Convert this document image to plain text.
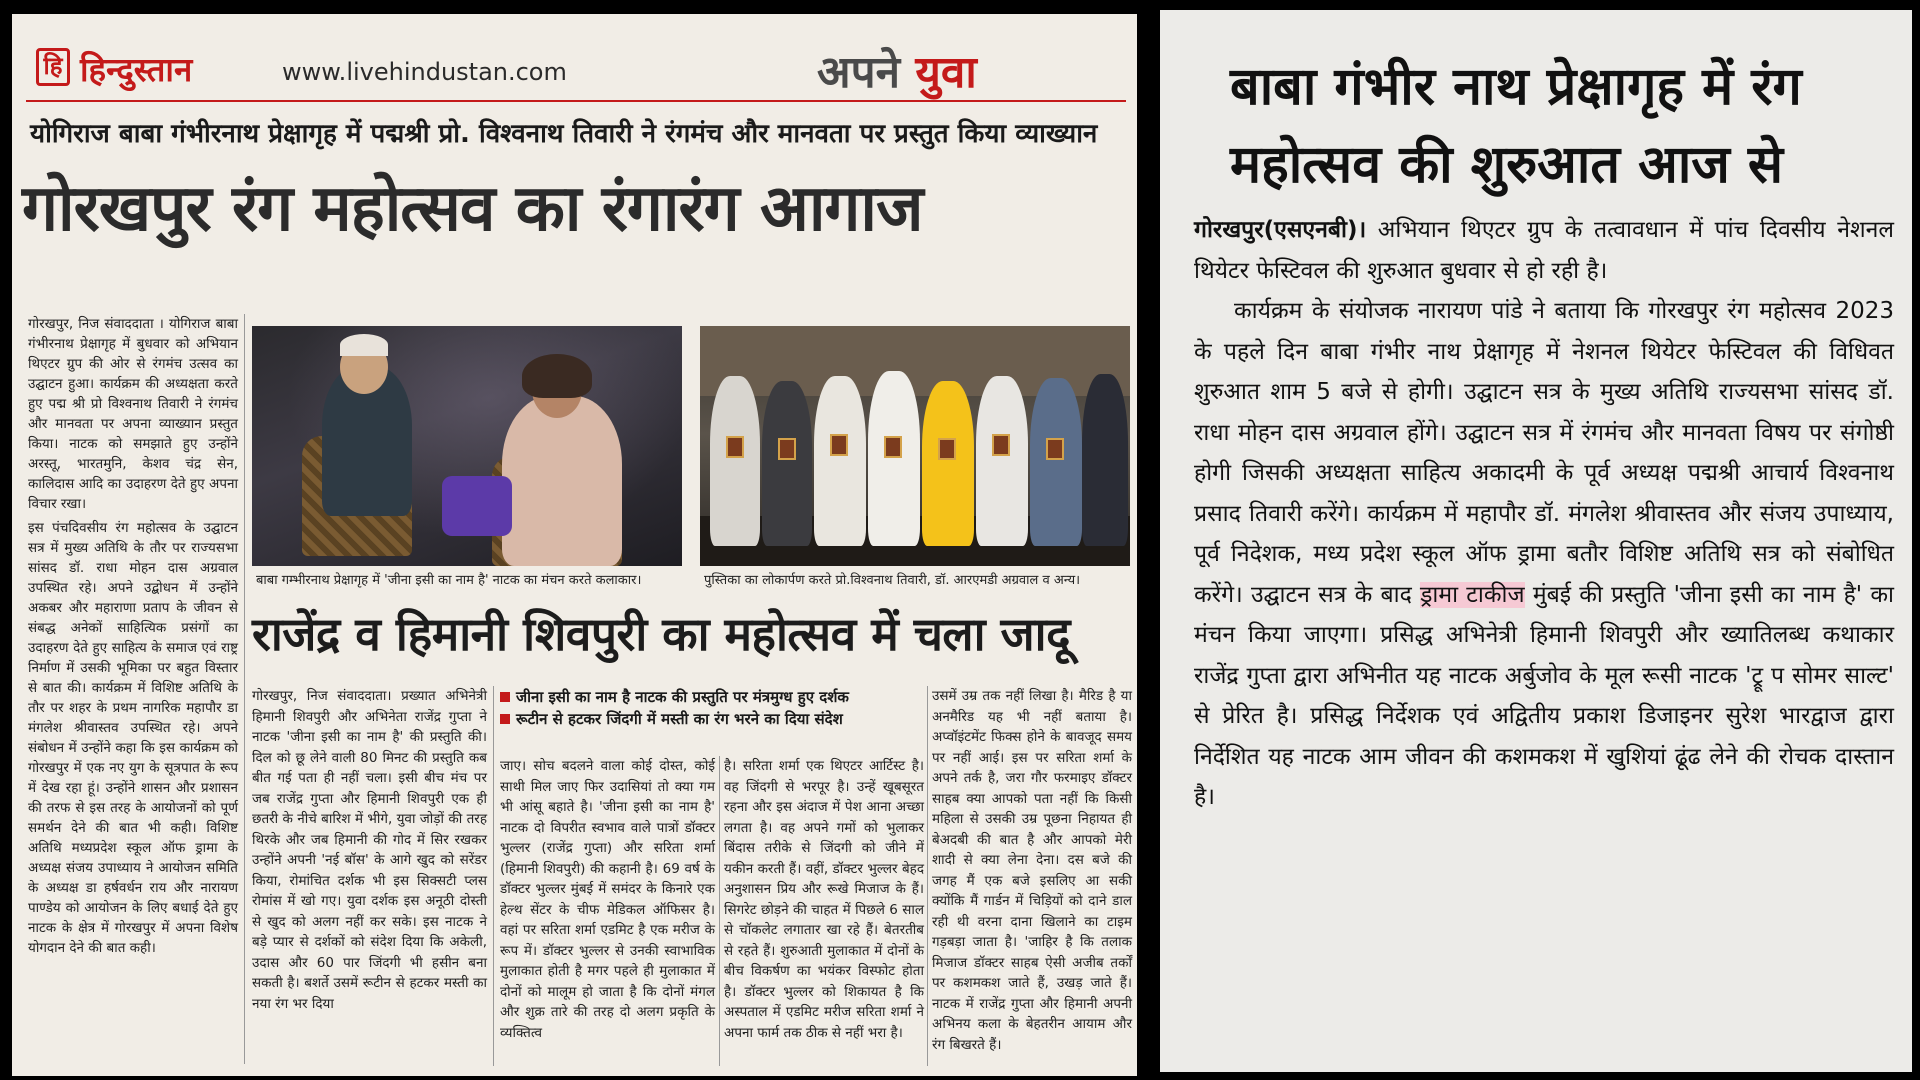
हि हिन्दुस्तान	www.livehindustan.com	अपने युवा
योगिराज बाबा गंभीरनाथ प्रेक्षागृह में पद्मश्री प्रो. विश्वनाथ तिवारी ने रंगमंच और मानवता पर प्रस्तुत किया व्याख्यान
गोरखपुर रंग महोत्सव का रंगारंग आगाज

गोरखपुर, निज संवाददाता । योगिराज बाबा गंभीरनाथ प्रेक्षागृह में बुधवार को अभियान थिएटर ग्रुप की ओर से रंगमंच उत्सव का उद्घाटन हुआ। कार्यक्रम की अध्यक्षता करते हुए पद्म श्री प्रो विश्वनाथ तिवारी ने रंगमंच और मानवता पर अपना व्याख्यान प्रस्तुत किया। नाटक को समझाते हुए उन्होंने अरस्तू, भारतमुनि, केशव चंद्र सेन, कालिदास आदि का उदाहरण देते हुए अपना विचार रखा।

इस पंचदिवसीय रंग महोत्सव के उद्घाटन सत्र में मुख्य अतिथि के तौर पर राज्यसभा सांसद डॉ. राधा मोहन दास अग्रवाल उपस्थित रहे। अपने उद्बोधन में उन्होंने अकबर और महाराणा प्रताप के जीवन से संबद्ध अनेकों साहित्यिक प्रसंगों का उदाहरण देते हुए साहित्य के समाज एवं राष्ट्र निर्माण में उसकी भूमिका पर बहुत विस्तार से बात की। कार्यक्रम में विशिष्ट अतिथि के तौर पर शहर के प्रथम नागरिक महापौर डा मंगलेश श्रीवास्तव उपस्थित रहे। अपने संबोधन में उन्होंने कहा कि इस कार्यक्रम को गोरखपुर में एक नए युग के सूत्रपात के रूप में देख रहा हूं। उन्होंने शासन और प्रशासन की तरफ से इस तरह के आयोजनों को पूर्ण समर्थन देने की बात भी कही। विशिष्ट अतिथि मध्यप्रदेश स्कूल ऑफ ड्रामा के अध्यक्ष संजय उपाध्याय ने आयोजन समिति के अध्यक्ष डा हर्षवर्धन राय और नारायण पाण्डेय को आयोजन के लिए बधाई देते हुए नाटक के क्षेत्र में गोरखपुर में अपना विशेष योगदान देने की बात कही।

बाबा गम्भीरनाथ प्रेक्षागृह में 'जीना इसी का नाम है' नाटक का मंचन करते कलाकार।	पुस्तिका का लोकार्पण करते प्रो.विश्वनाथ तिवारी, डॉ. आरएमडी अग्रवाल व अन्य।
राजेंद्र व हिमानी शिवपुरी का महोत्सव में चला जादू
जीना इसी का नाम है नाटक की प्रस्तुति पर मंत्रमुग्ध हुए दर्शक
रूटीन से हटकर जिंदगी में मस्ती का रंग भरने का दिया संदेश
गोरखपुर, निज संवाददाता। प्रख्यात अभिनेत्री हिमानी शिवपुरी और अभिनेता राजेंद्र गुप्ता ने नाटक 'जीना इसी का नाम है' की प्रस्तुति की। दिल को छू लेने वाली 80 मिनट की प्रस्तुति कब बीत गई पता ही नहीं चला। इसी बीच मंच पर जब राजेंद्र गुप्ता और हिमानी शिवपुरी एक ही छतरी के नीचे बारिश में भीगे, युवा जोड़ों की तरह थिरके और जब हिमानी की गोद में सिर रखकर उन्होंने अपनी 'नई बॉस' के आगे खुद को सरेंडर किया, रोमांचित दर्शक भी इस सिक्सटी प्लस रोमांस में खो गए। युवा दर्शक इस अनूठी दोस्ती से खुद को अलग नहीं कर सके। इस नाटक ने बड़े प्यार से दर्शकों को संदेश दिया कि अकेली, उदास और 60 पार जिंदगी भी हसीन बना सकती है। बशर्ते उसमें रूटीन से हटकर मस्ती का नया रंग भर दिया
जाए। सोच बदलने वाला कोई दोस्त, कोई साथी मिल जाए फिर उदासियां तो क्या गम भी आंसू बहाते है। 'जीना इसी का नाम है' नाटक दो विपरीत स्वभाव वाले पात्रों डॉक्टर भुल्लर (राजेंद्र गुप्ता) और सरिता शर्मा (हिमानी शिवपुरी) की कहानी है। 69 वर्ष के डॉक्टर भुल्लर मुंबई में समंदर के किनारे एक हेल्थ सेंटर के चीफ मेडिकल ऑफिसर है। वहां पर सरिता शर्मा एडमिट है एक मरीज के रूप में। डॉक्टर भुल्लर से उनकी स्वाभाविक मुलाकात होती है मगर पहले ही मुलाकात में दोनों को मालूम हो जाता है कि दोनों मंगल और शुक्र तारे की तरह दो अलग प्रकृति के व्यक्तित्व
है। सरिता शर्मा एक थिएटर आर्टिस्ट है। वह जिंदगी से भरपूर है। उन्हें खूबसूरत रहना और इस अंदाज में पेश आना अच्छा लगता है। वह अपने गमों को भुलाकर बिंदास तरीके से जिंदगी को जीने में यकीन करती हैं। वहीं, डॉक्टर भुल्लर बेहद अनुशासन प्रिय और रूखे मिजाज के हैं। सिगरेट छोड़ने की चाहत में पिछले 6 साल से चॉकलेट लगातार खा रहे हैं। बेतरतीब से रहते हैं। शुरुआती मुलाकात में दोनों के बीच विकर्षण का भयंकर विस्फोट होता है। डॉक्टर भुल्लर को शिकायत है कि अस्पताल में एडमिट मरीज सरिता शर्मा ने अपना फार्म तक ठीक से नहीं भरा है।
उसमें उम्र तक नहीं लिखा है। मैरिड है या अनमैरिड यह भी नहीं बताया है। अप्वॉइंटमेंट फिक्स होने के बावजूद समय पर नहीं आई। इस पर सरिता शर्मा के अपने तर्क है, जरा गौर फरमाइए डॉक्टर साहब क्या आपको पता नहीं कि किसी महिला से उसकी उम्र पूछना निहायत ही बेअदबी की बात है और आपको मेरी शादी से क्या लेना देना। दस बजे की जगह मैं एक बजे इसलिए आ सकी क्योंकि मैं गार्डन में चिड़ियों को दाने डाल रही थी वरना दाना खिलाने का टाइम गड़बड़ा जाता है। 'जाहिर है कि तलाक मिजाज डॉक्टर साहब ऐसी अजीब तर्कों पर कशमकश जाते हैं, उखड़ जाते हैं। नाटक में राजेंद्र गुप्ता और हिमानी अपनी अभिनय कला के बेहतरीन आयाम और रंग बिखरते हैं।
बाबा गंभीर नाथ प्रेक्षागृह में रंग महोत्सव की शुरुआत आज से

गोरखपुर(एसएनबी)। अभियान थिएटर ग्रुप के तत्वावधान में पांच दिवसीय नेशनल थियेटर फेस्टिवल की शुरुआत बुधवार से हो रही है।

कार्यक्रम के संयोजक नारायण पांडे ने बताया कि गोरखपुर रंग महोत्सव 2023 के पहले दिन बाबा गंभीर नाथ प्रेक्षागृह में नेशनल थियेटर फेस्टिवल की विधिवत शुरुआत शाम 5 बजे से होगी। उद्घाटन सत्र के मुख्य अतिथि राज्यसभा सांसद डॉ. राधा मोहन दास अग्रवाल होंगे। उद्घाटन सत्र में रंगमंच और मानवता विषय पर संगोष्ठी होगी जिसकी अध्यक्षता साहित्य अकादमी के पूर्व अध्यक्ष पद्मश्री आचार्य विश्वनाथ प्रसाद तिवारी करेंगे। कार्यक्रम में महापौर डॉ. मंगलेश श्रीवास्तव और संजय उपाध्याय, पूर्व निदेशक, मध्य प्रदेश स्कूल ऑफ ड्रामा बतौर विशिष्ट अतिथि सत्र को संबोधित करेंगे। उद्घाटन सत्र के बाद ड्रामा टाकीज मुंबई की प्रस्तुति 'जीना इसी का नाम है' का मंचन किया जाएगा। प्रसिद्ध अभिनेत्री हिमानी शिवपुरी और ख्यातिलब्ध कथाकार राजेंद्र गुप्ता द्वारा अभिनीत यह नाटक अर्बुजोव के मूल रूसी नाटक 'ट्रू प सोमर साल्ट' से प्रेरित है। प्रसिद्ध निर्देशक एवं अद्वितीय प्रकाश डिजाइनर सुरेश भारद्वाज द्वारा निर्देशित यह नाटक आम जीवन की कशमकश में खुशियां ढूंढ लेने की रोचक दास्तान है।
